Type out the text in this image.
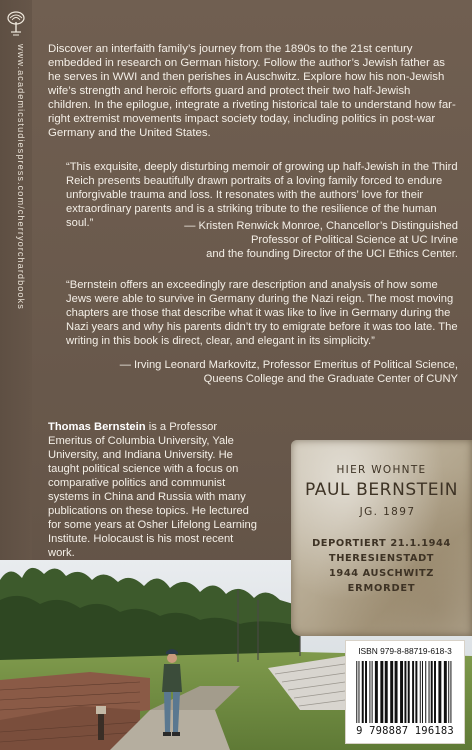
www.academicstudiespress.com/cherryorchardbooks Discover an interfaith family’s journey from the 1890s to the 21st century embedded in research on German history. Follow the author’s Jewish father as he serves in WWI and then perishes in Auschwitz. Explore how his non-Jewish wife’s strength and heroic efforts guard and protect their two half-Jewish children. In the epilogue, integrate a riveting historical tale to understand how far-right extremist movements impact society today, including politics in post-war Germany and the United States.
“This exquisite, deeply disturbing memoir of growing up half-Jewish in the Third Reich presents beautifully drawn portraits of a loving family forced to endure unforgivable trauma and loss. It resonates with the authors’ love for their extraordinary parents and is a striking tribute to the resilience of the human soul.”	— Kristen Renwick Monroe, Chancellor’s Distinguished
Professor of Political Science at UC Irvine
and the founding Director of the UCI Ethics Center.
“Bernstein offers an exceedingly rare description and analysis of how some Jews were able to survive in Germany during the Nazi reign. The most moving chapters are those that describe what it was like to live in Germany during the Nazi years and why his parents didn’t try to emigrate before it was too late. The writing in this book is direct, clear, and elegant in its simplicity.”
— Irving Leonard Markovitz, Professor Emeritus of Political Science,
Queens College and the Graduate Center of CUNY
Thomas Bernstein is a Professor Emeritus of Columbia University, Yale University, and Indiana University. He taught political science with a focus on comparative politics and communist systems in China and Russia with many publications on these topics. He lectured for some years at Osher Lifelong Learning Institute. Holocaust is his most recent work.
HIER WOHNTE
PAUL BERNSTEIN
JG. 1897
DEPORTIERT 21.1.1944
THERESIENSTADT
1944 AUSCHWITZ
ERMORDET
ISBN 979-8-88719-618-3
9 798887 196183
